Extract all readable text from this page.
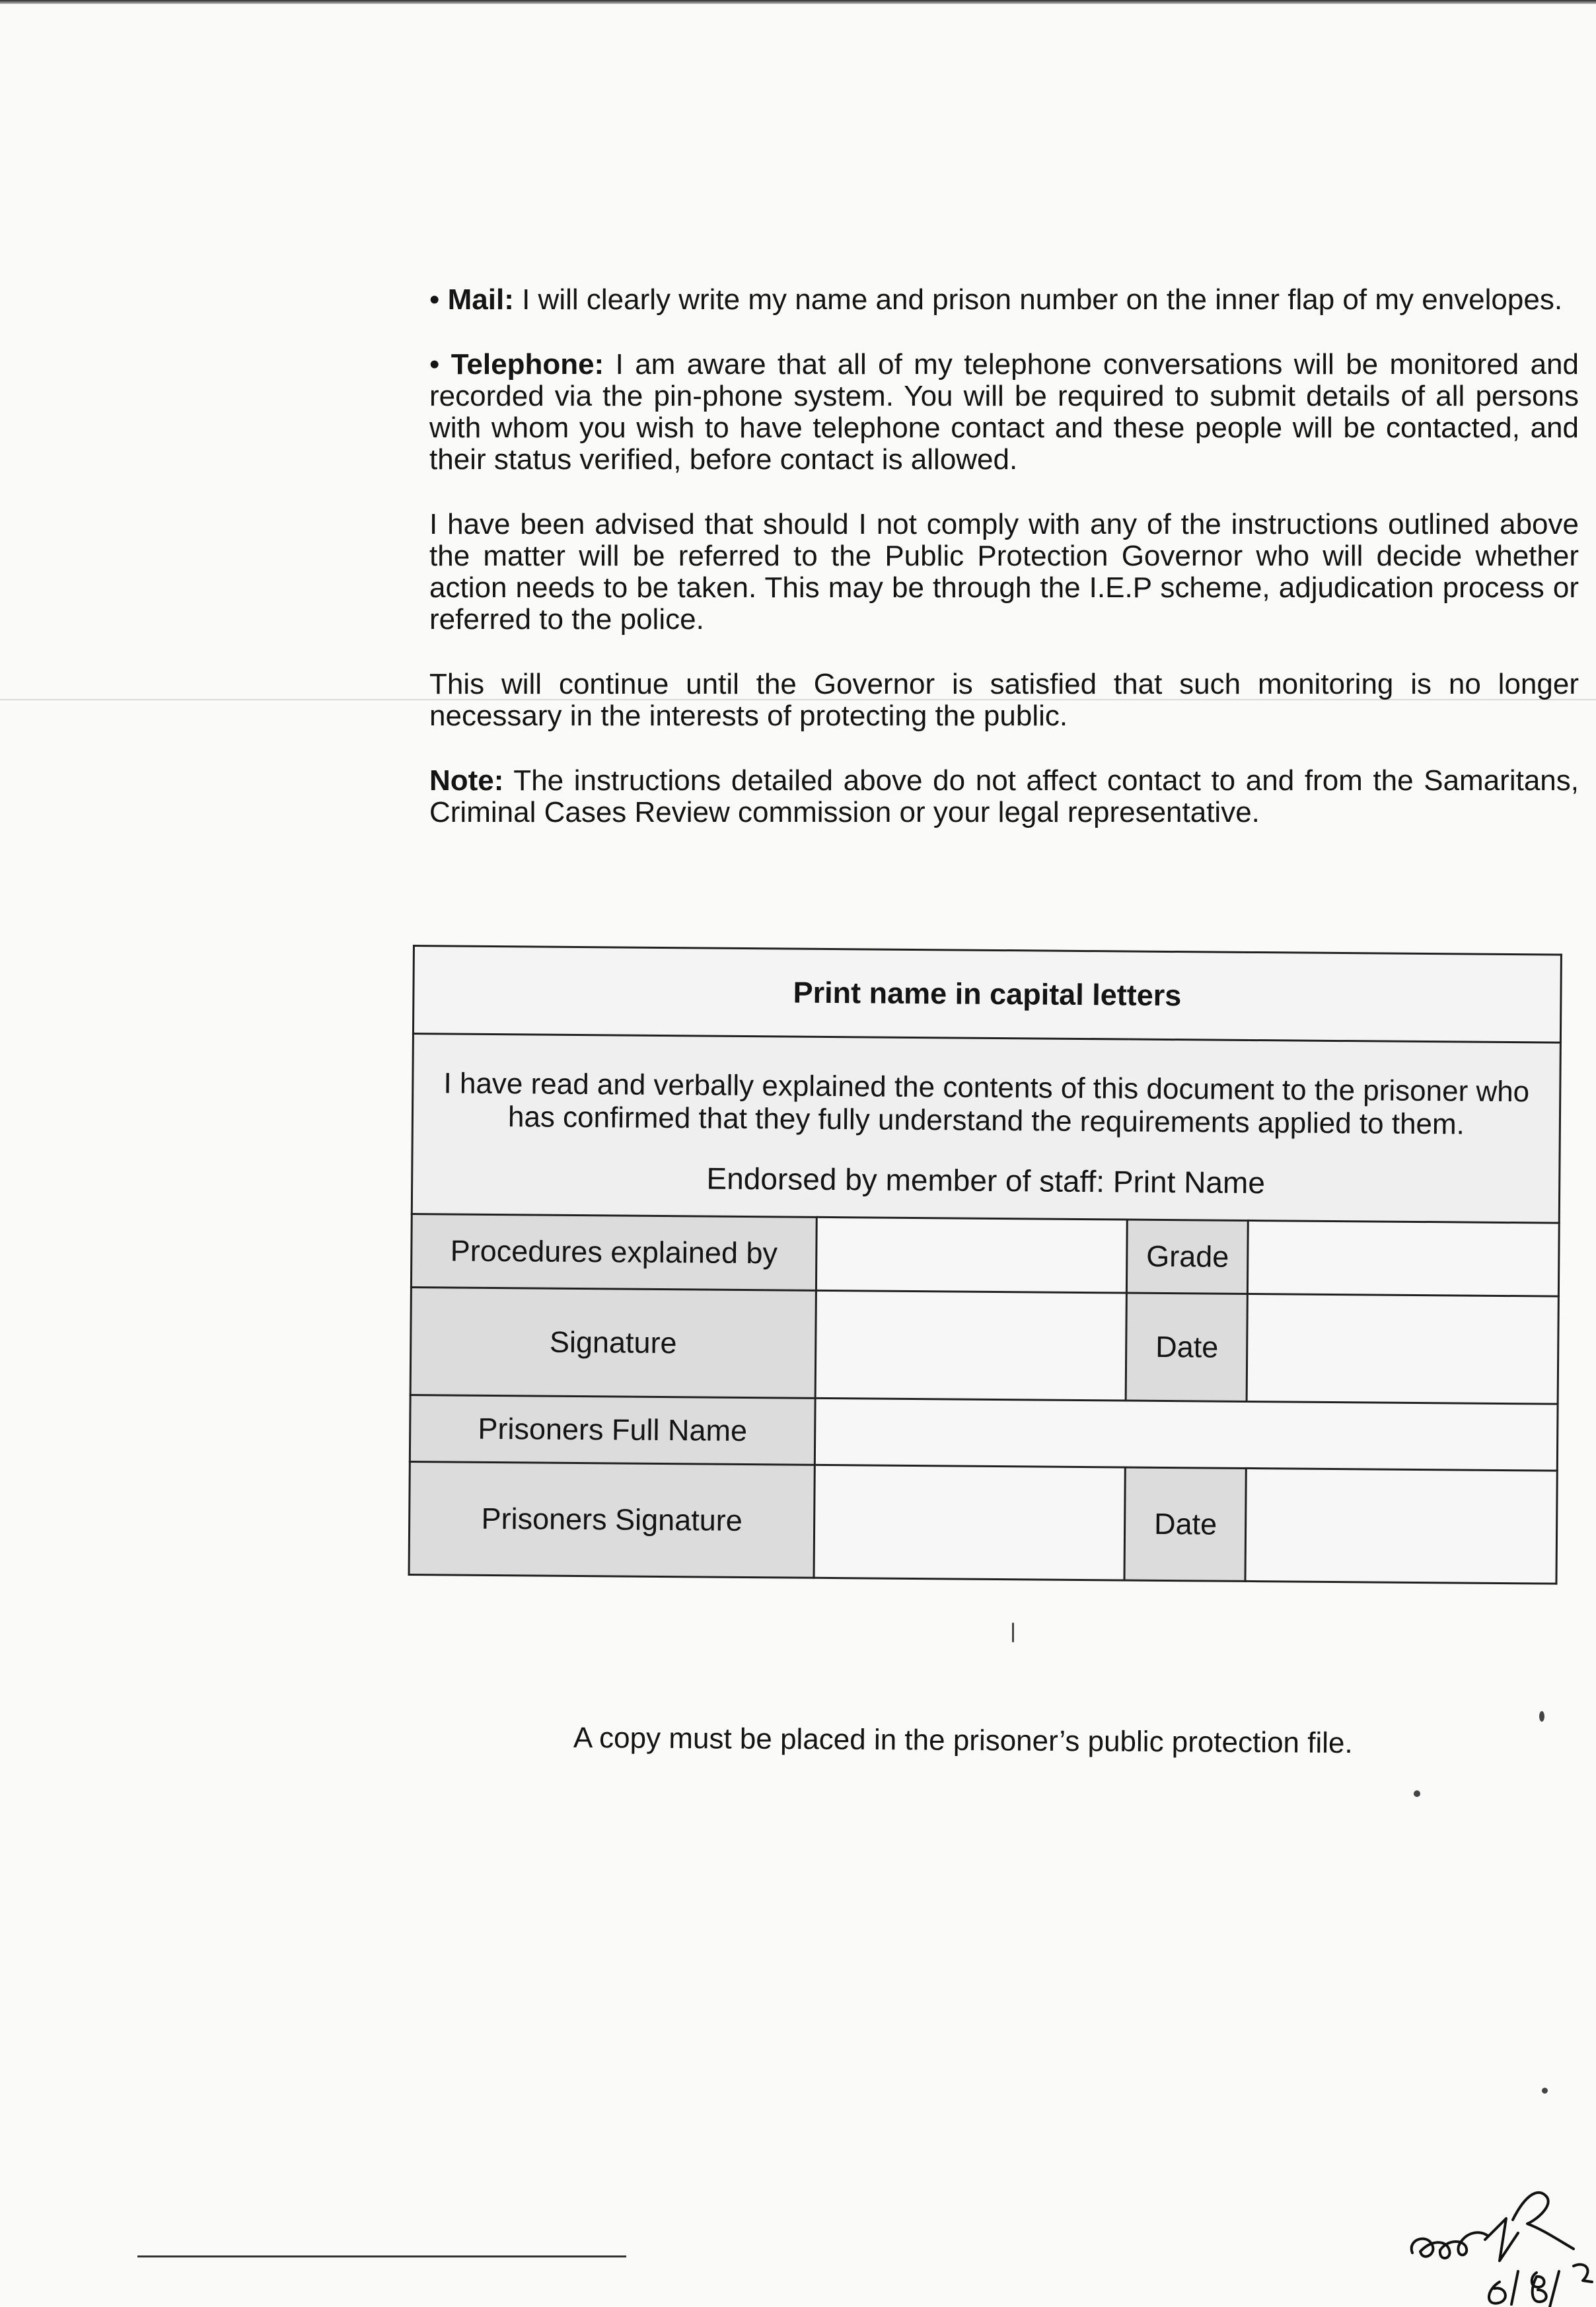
• Mail: I will clearly write my name and prison number on the inner flap of my envelopes.

• Telephone: I am aware that all of my telephone conversations will be monitored and recorded via the pin-phone system. You will be required to submit details of all persons with whom you wish to have telephone contact and these people will be contacted, and their status verified, before contact is allowed.

I have been advised that should I not comply with any of the instructions outlined above the matter will be referred to the Public Protection Governor who will decide whether action needs to be taken. This may be through the I.E.P scheme, adjudication process or referred to the police.

This will continue until the Governor is satisfied that such monitoring is no longer necessary in the interests of protecting the public.

Note: The instructions detailed above do not affect contact to and from the Samaritans, Criminal Cases Review commission or your legal representative.

Print name in capital letters			

I have read and verbally explained the contents of this document to the prisoner who has confirmed that they fully understand the requirements applied to them.
Endorsed by member of staff: Print Name			

Procedures explained by		Grade	
Signature		Date	
Prisoners Full Name			
Prisoners Signature		Date	
A copy must be placed in the prisoner’s public protection file.
